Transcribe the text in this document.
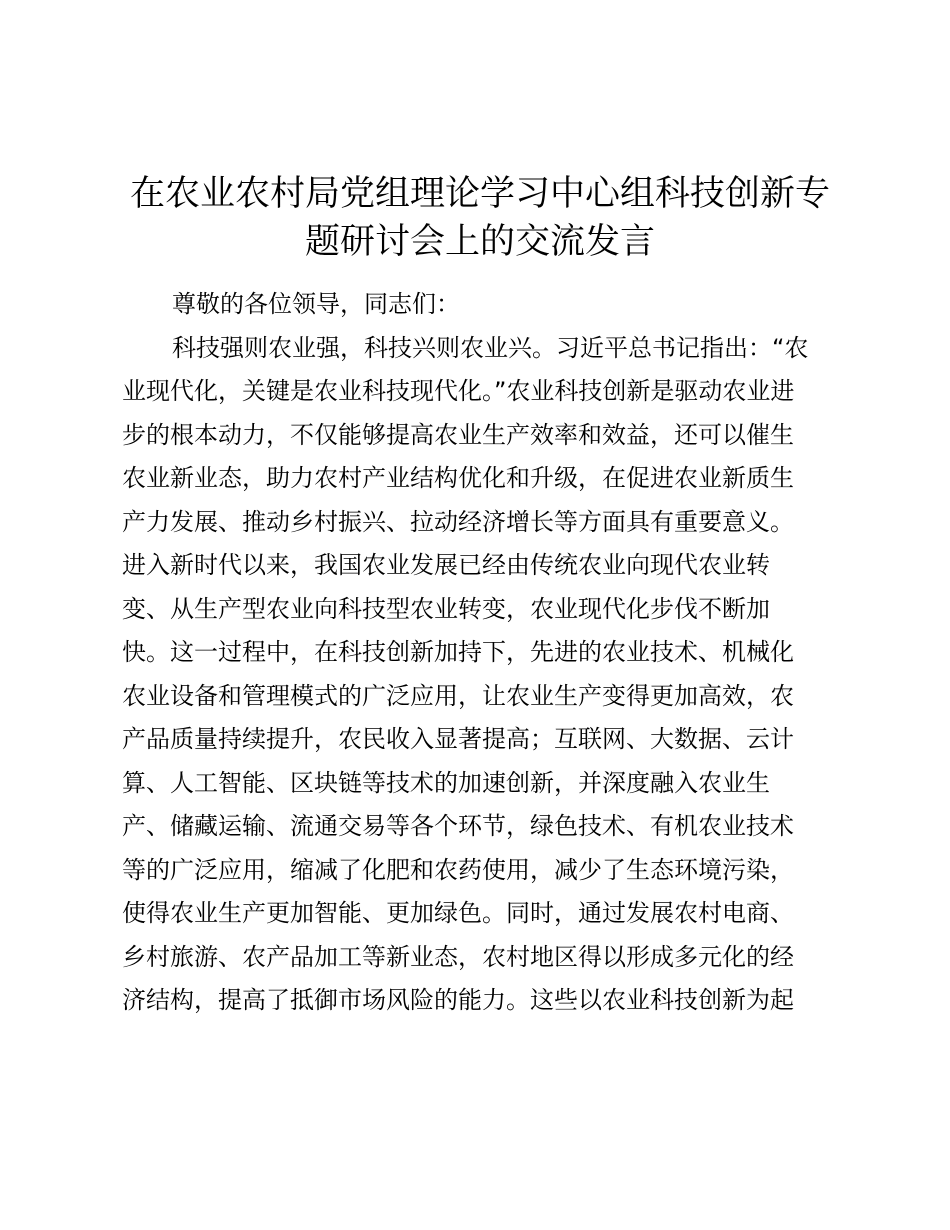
在农业农村局党组理论学习中心组科技创新专
题研讨会上的交流发言

尊敬的各位领导，同志们：

科技强则农业强，科技兴则农业兴。习近平总书记指出：“农
业现代化，关键是农业科技现代化。”农业科技创新是驱动农业进
步的根本动力，不仅能够提高农业生产效率和效益，还可以催生
农业新业态，助力农村产业结构优化和升级，在促进农业新质生
产力发展、推动乡村振兴、拉动经济增长等方面具有重要意义。
进入新时代以来，我国农业发展已经由传统农业向现代农业转
变、从生产型农业向科技型农业转变，农业现代化步伐不断加
快。这一过程中，在科技创新加持下，先进的农业技术、机械化
农业设备和管理模式的广泛应用，让农业生产变得更加高效，农
产品质量持续提升，农民收入显著提高；互联网、大数据、云计
算、人工智能、区块链等技术的加速创新，并深度融入农业生
产、储藏运输、流通交易等各个环节，绿色技术、有机农业技术
等的广泛应用，缩减了化肥和农药使用，减少了生态环境污染，
使得农业生产更加智能、更加绿色。同时，通过发展农村电商、
乡村旅游、农产品加工等新业态，农村地区得以形成多元化的经
济结构，提高了抵御市场风险的能力。这些以农业科技创新为起
